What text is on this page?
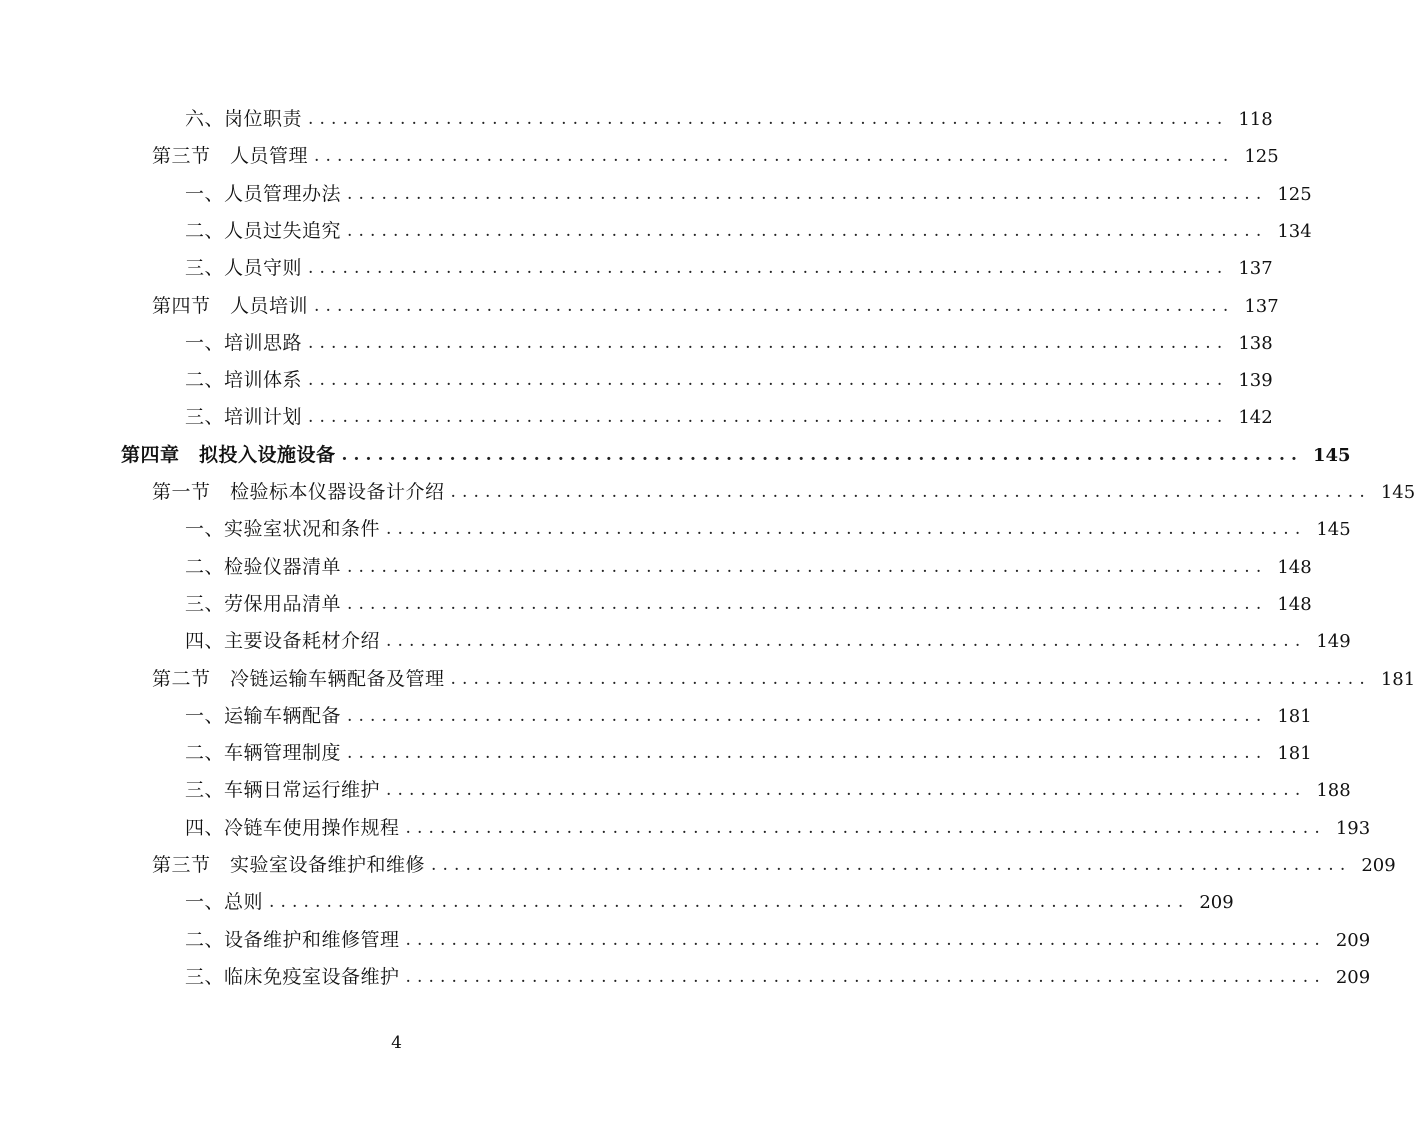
六、岗位职责 ................................................................................ 118
第三节　人员管理 ................................................................................ 125
一、人员管理办法 ................................................................................ 125
二、人员过失追究 ................................................................................ 134
三、人员守则 ................................................................................ 137
第四节　人员培训 ................................................................................ 137
一、培训思路 ................................................................................ 138
二、培训体系 ................................................................................ 139
三、培训计划 ................................................................................ 142
第四章　拟投入设施设备 ................................................................................ 145
第一节　检验标本仪器设备计介绍 ................................................................................ 145
一、实验室状况和条件 ................................................................................ 145
二、检验仪器清单 ................................................................................ 148
三、劳保用品清单 ................................................................................ 148
四、主要设备耗材介绍 ................................................................................ 149
第二节　冷链运输车辆配备及管理 ................................................................................ 181
一、运输车辆配备 ................................................................................ 181
二、车辆管理制度 ................................................................................ 181
三、车辆日常运行维护 ................................................................................ 188
四、冷链车使用操作规程 ................................................................................ 193
第三节　实验室设备维护和维修 ................................................................................ 209
一、总则 ................................................................................ 209
二、设备维护和维修管理 ................................................................................ 209
三、临床免疫室设备维护 ................................................................................ 209
4
